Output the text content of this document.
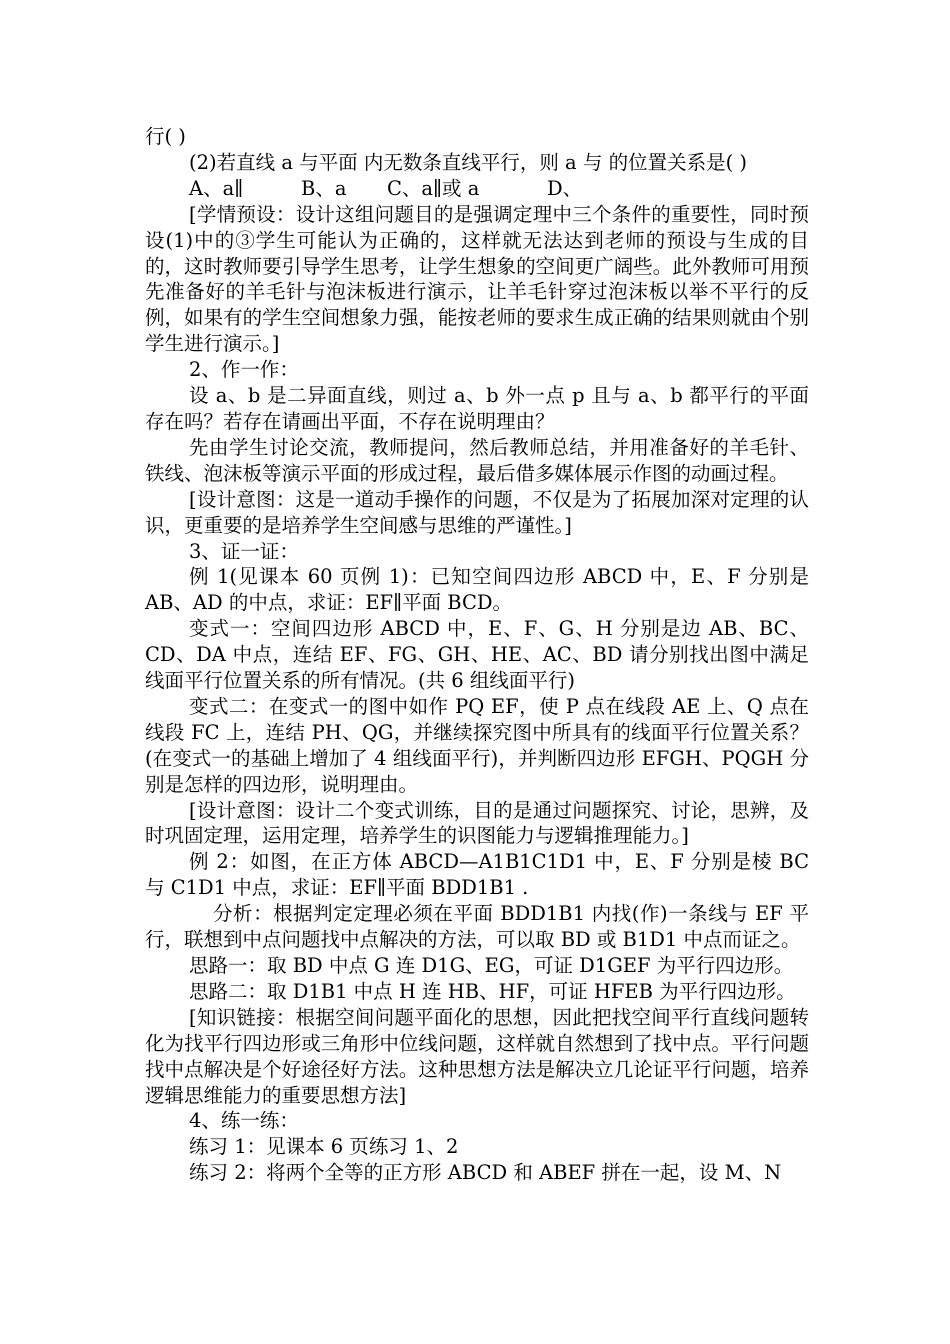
行( )

(2)若直线 a 与平面 内无数条直线平行，则 a 与 的位置关系是( )

A、a∥	B、a	C、a∥或 a	D、

[学情预设：设计这组问题目的是强调定理中三个条件的重要性，同时预设(1)中的③学生可能认为正确的，这样就无法达到老师的预设与生成的目的，这时教师要引导学生思考，让学生想象的空间更广阔些。此外教师可用预先准备好的羊毛针与泡沫板进行演示，让羊毛针穿过泡沫板以举不平行的反例，如果有的学生空间想象力强，能按老师的要求生成正确的结果则就由个别学生进行演示。]

2、作一作：

设 a、b 是二异面直线，则过 a、b 外一点 p 且与 a、b 都平行的平面存在吗？若存在请画出平面，不存在说明理由？

先由学生讨论交流，教师提问，然后教师总结，并用准备好的羊毛针、铁线、泡沫板等演示平面的形成过程，最后借多媒体展示作图的动画过程。

[设计意图：这是一道动手操作的问题，不仅是为了拓展加深对定理的认识，更重要的是培养学生空间感与思维的严谨性。]

3、证一证：

例 1(见课本 60 页例 1)：已知空间四边形 ABCD 中，E、F 分别是 AB、AD 的中点，求证：EF∥平面 BCD。

变式一：空间四边形 ABCD 中，E、F、G、H 分别是边 AB、BC、CD、DA 中点，连结 EF、FG、GH、HE、AC、BD 请分别找出图中满足线面平行位置关系的所有情况。(共 6 组线面平行)

变式二：在变式一的图中如作 PQ EF，使 P 点在线段 AE 上、Q 点在线段 FC 上，连结 PH、QG，并继续探究图中所具有的线面平行位置关系？(在变式一的基础上增加了 4 组线面平行)，并判断四边形 EFGH、PQGH 分别是怎样的四边形，说明理由。

[设计意图：设计二个变式训练，目的是通过问题探究、讨论，思辨，及时巩固定理，运用定理，培养学生的识图能力与逻辑推理能力。]

例 2：如图，在正方体 ABCD—A1B1C1D1 中，E、F 分别是棱 BC 与 C1D1 中点，求证：EF∥平面 BDD1B1 .

分析：根据判定定理必须在平面 BDD1B1 内找(作)一条线与 EF 平行，联想到中点问题找中点解决的方法，可以取 BD 或 B1D1 中点而证之。

思路一：取 BD 中点 G 连 D1G、EG，可证 D1GEF 为平行四边形。

思路二：取 D1B1 中点 H 连 HB、HF，可证 HFEB 为平行四边形。

[知识链接：根据空间问题平面化的思想，因此把找空间平行直线问题转化为找平行四边形或三角形中位线问题，这样就自然想到了找中点。平行问题找中点解决是个好途径好方法。这种思想方法是解决立几论证平行问题，培养逻辑思维能力的重要思想方法]

4、练一练：

练习 1：见课本 6 页练习 1、2

练习 2：将两个全等的正方形 ABCD 和 ABEF 拼在一起，设 M、N
